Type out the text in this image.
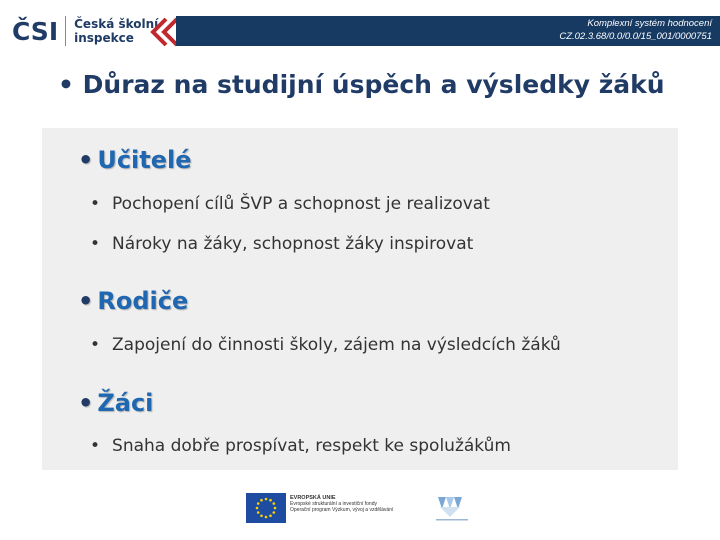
ČSI Česká školní
inspekce
Komplexní systém hodnocení
CZ.02.3.68/0.0/0.0/15_001/0000751
• Důraz na studijní úspěch a výsledky žáků
• Učitelé
• Pochopení cílů ŠVP a schopnost je realizovat
• Nároky na žáky, schopnost žáky inspirovat
• Rodiče
• Zapojení do činnosti školy, zájem na výsledcích žáků
• Žáci
• Snaha dobře prospívat, respekt ke spolužákům
EVROPSKÁ UNIE
Evropské strukturální a investiční fondy
Operační program Výzkum, vývoj a vzdělávání
